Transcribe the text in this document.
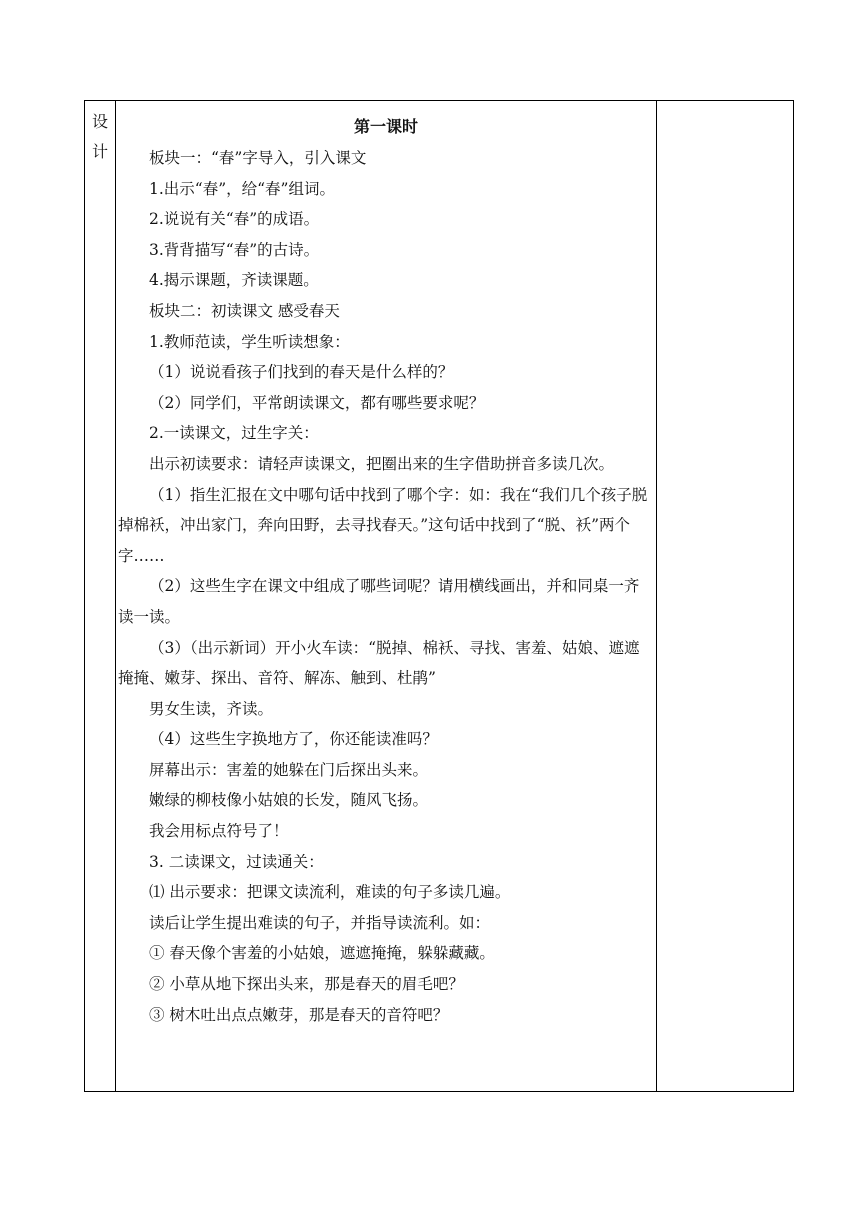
设
计

第一课时

板块一：“春”字导入，引入课文

1.出示“春”，给“春”组词。

2.说说有关“春”的成语。

3.背背描写“春”的古诗。

4.揭示课题，齐读课题。

板块二：初读课文 感受春天

1.教师范读，学生听读想象：

（1）说说看孩子们找到的春天是什么样的？

（2）同学们，平常朗读课文，都有哪些要求呢？

2.一读课文，过生字关：

出示初读要求：请轻声读课文，把圈出来的生字借助拼音多读几次。

（1）指生汇报在文中哪句话中找到了哪个字：如：我在“我们几个孩子脱掉棉袄，冲出家门，奔向田野，去寻找春天。”这句话中找到了“脱、袄”两个字……

（2）这些生字在课文中组成了哪些词呢？请用横线画出，并和同桌一齐读一读。

（3）（出示新词）开小火车读：“脱掉、棉袄、寻找、害羞、姑娘、遮遮掩掩、嫩芽、探出、音符、解冻、触到、杜鹃”

男女生读，齐读。

（4）这些生字换地方了，你还能读准吗？

屏幕出示：害羞的她躲在门后探出头来。

嫩绿的柳枝像小姑娘的长发，随风飞扬。

我会用标点符号了！

3. 二读课文，过读通关：

⑴ 出示要求：把课文读流利，难读的句子多读几遍。

读后让学生提出难读的句子，并指导读流利。如：

① 春天像个害羞的小姑娘，遮遮掩掩，躲躲藏藏。

② 小草从地下探出头来，那是春天的眉毛吧？

③ 树木吐出点点嫩芽，那是春天的音符吧？
